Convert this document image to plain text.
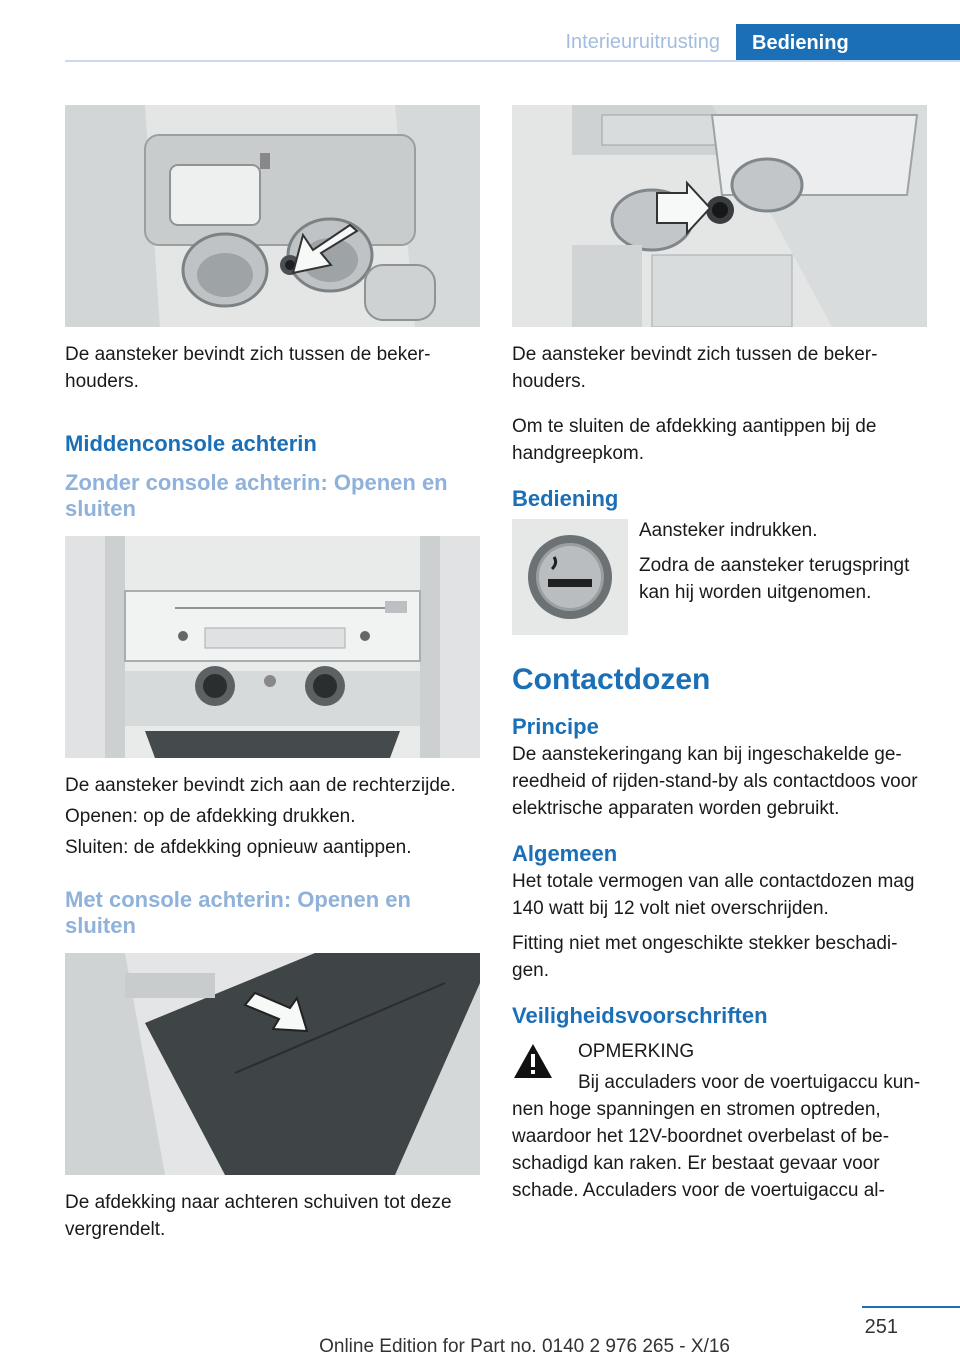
Interieuruitrusting	Bediening

De aansteker bevindt zich tussen de beker-houders.

Middenconsole achterin
Zonder console achterin: Openen en sluiten

De aansteker bevindt zich aan de rechterzijde.

Openen: op de afdekking drukken.

Sluiten: de afdekking opnieuw aantippen.

Met console achterin: Openen en sluiten

De afdekking naar achteren schuiven tot deze vergrendelt.

De aansteker bevindt zich tussen de beker-houders.

Om te sluiten de afdekking aantippen bij de handgreepkom.

Bediening

Aansteker indrukken.

Zodra de aansteker terugspringt kan hij worden uitgenomen.

Contactdozen
Principe

De aanstekeringang kan bij ingeschakelde ge-reedheid of rijden-stand-by als contactdoos voor elektrische apparaten worden gebruikt.

Algemeen

Het totale vermogen van alle contactdozen mag 140 watt bij 12 volt niet overschrijden.

Fitting niet met ongeschikte stekker beschadi-gen.

Veiligheidsvoorschriften

OPMERKING

Bij acculaders voor de voertuigaccu kun-

nen hoge spanningen en stromen optreden, waardoor het 12V-boordnet overbelast of be-schadigd kan raken. Er bestaat gevaar voor schade. Acculaders voor de voertuigaccu al-

251
Online Edition for Part no. 0140 2 976 265 - X/16
